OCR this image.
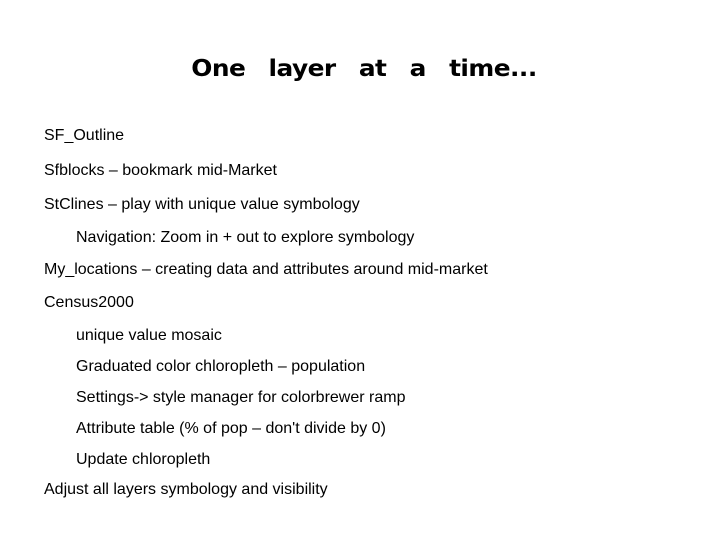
One layer at a time...
SF_Outline
Sfblocks – bookmark mid-Market
StClines – play with unique value symbology
Navigation: Zoom in + out to explore symbology
My_locations – creating data and attributes around mid-market
Census2000
unique value mosaic
Graduated color chloropleth – population
Settings-> style manager for colorbrewer ramp
Attribute table (% of pop – don't divide by 0)
Update chloropleth
Adjust all layers symbology and visibility
